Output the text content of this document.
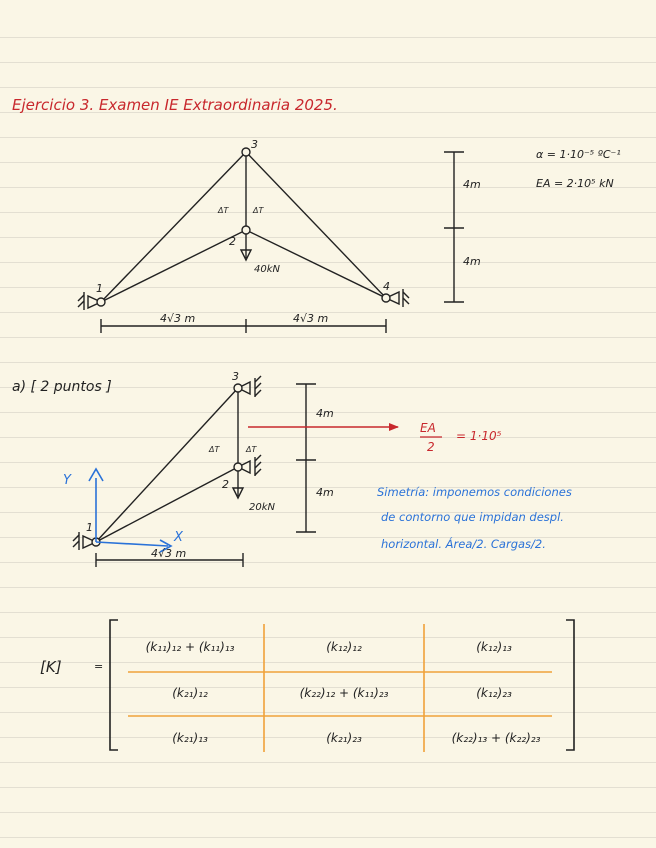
Ejercicio 3. Examen IE Extraordinaria 2025.
1
2
3
4
ΔT	ΔT
40kN
4m
4m
4√3 m	4√3 m
α = 1·10⁻⁵ ºC⁻¹
EA = 2·10⁵ kN
a) [ 2 puntos ]
3
2
1
ΔT	ΔT
20kN
4m
4m
4√3 m
Y
X
EA
2
= 1·10⁵
Simetría: imponemos condiciones
de contorno que impidan despl.
horizontal. Área/2. Cargas/2.
[K]	=
(k₁₁)₁₂ + (k₁₁)₁₃	(k₁₂)₁₂	(k₁₂)₁₃
(k₂₁)₁₂	(k₂₂)₁₂ + (k₁₁)₂₃	(k₁₂)₂₃
(k₂₁)₁₃	(k₂₁)₂₃	(k₂₂)₁₃ + (k₂₂)₂₃
